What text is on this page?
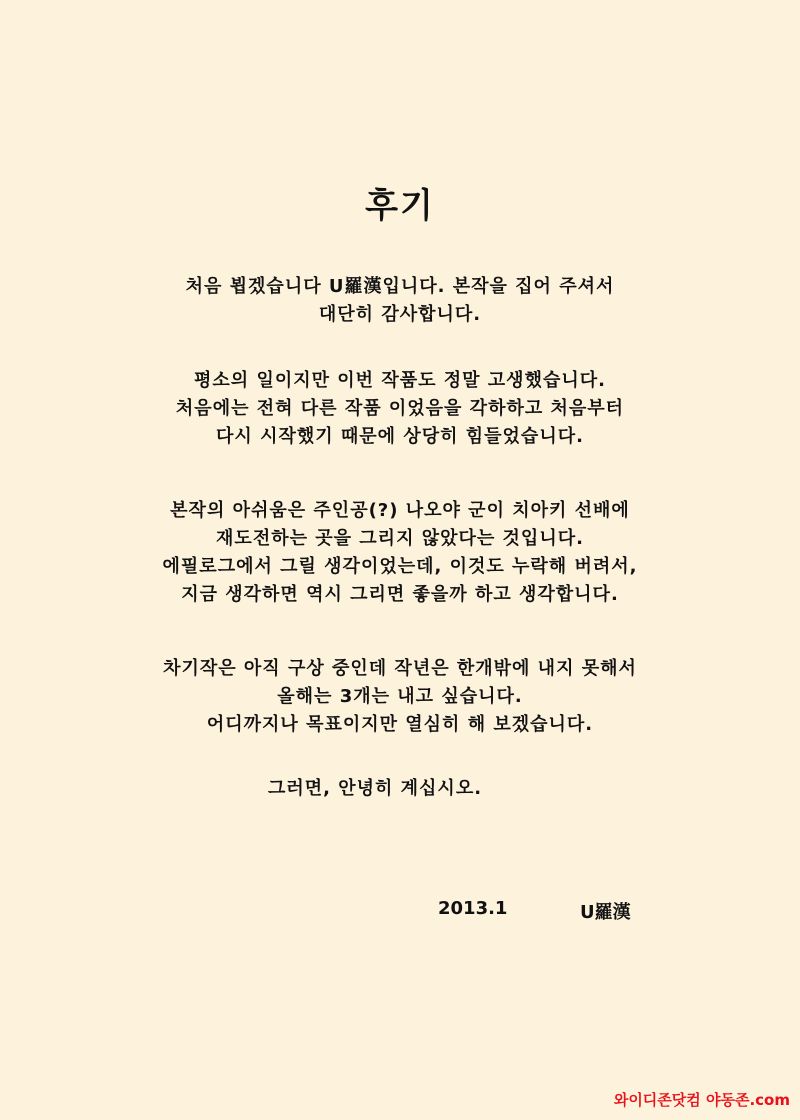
후기
처음 뵙겠습니다 U羅漢입니다. 본작을 집어 주셔서
대단히 감사합니다.
평소의 일이지만 이번 작품도 정말 고생했습니다.
처음에는 전혀 다른 작품 이었음을 각하하고 처음부터
다시 시작했기 때문에 상당히 힘들었습니다.
본작의 아쉬움은 주인공(?) 나오야 군이 치아키 선배에
재도전하는 곳을 그리지 않았다는 것입니다.
에필로그에서 그릴 생각이었는데, 이것도 누락해 버려서,
지금 생각하면 역시 그리면 좋을까 하고 생각합니다.
차기작은 아직 구상 중인데 작년은 한개밖에 내지 못해서
올해는 3개는 내고 싶습니다.
어디까지나 목표이지만 열심히 해 보겠습니다.
그러면, 안녕히 계십시오.
2013.1	U羅漢
와이디존닷컴 야동존.com
